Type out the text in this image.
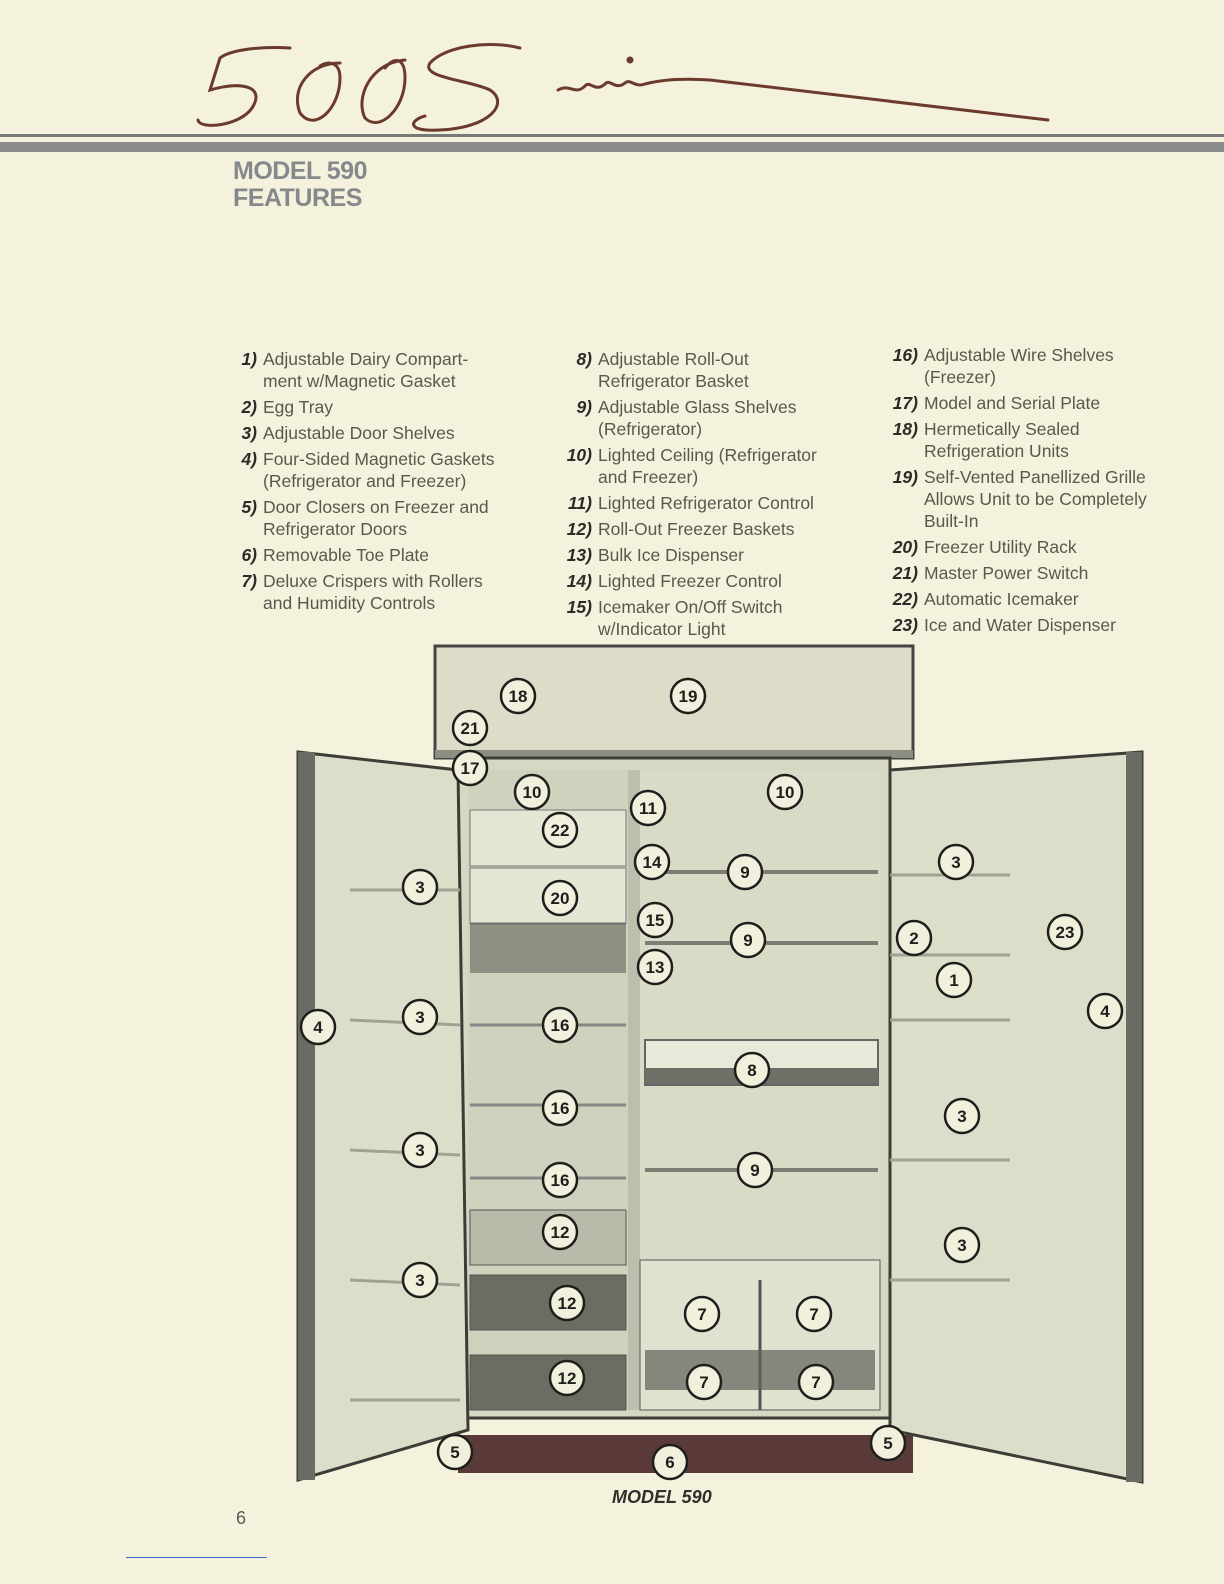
500 Series
MODEL 590
FEATURES
1) Adjustable Dairy Compart-
ment w/Magnetic Gasket
2) Egg Tray
3) Adjustable Door Shelves
4) Four-Sided Magnetic Gaskets
(Refrigerator and Freezer)
5) Door Closers on Freezer and
Refrigerator Doors
6) Removable Toe Plate
7) Deluxe Crispers with Rollers
and Humidity Controls
8) Adjustable Roll-Out
Refrigerator Basket
9) Adjustable Glass Shelves
(Refrigerator)
10) Lighted Ceiling (Refrigerator
and Freezer)
11) Lighted Refrigerator Control
12) Roll-Out Freezer Baskets
13) Bulk Ice Dispenser
14) Lighted Freezer Control
15) Icemaker On/Off Switch
w/Indicator Light
16) Adjustable Wire Shelves
(Freezer)
17) Model and Serial Plate
18) Hermetically Sealed
Refrigeration Units
19) Self-Vented Panellized Grille
Allows Unit to be Completely
Built-In
20) Freezer Utility Rack
21) Master Power Switch
22) Automatic Icemaker
23) Ice and Water Dispenser
18	19
21
17
10	10
22
11
14
9
20
15
9
13
3
3
2	23
1
4
4
3	16
8
16	3
3
9
16
12
3
12
7	7
3
12	7	7
5
6
5
MODEL 590
6
